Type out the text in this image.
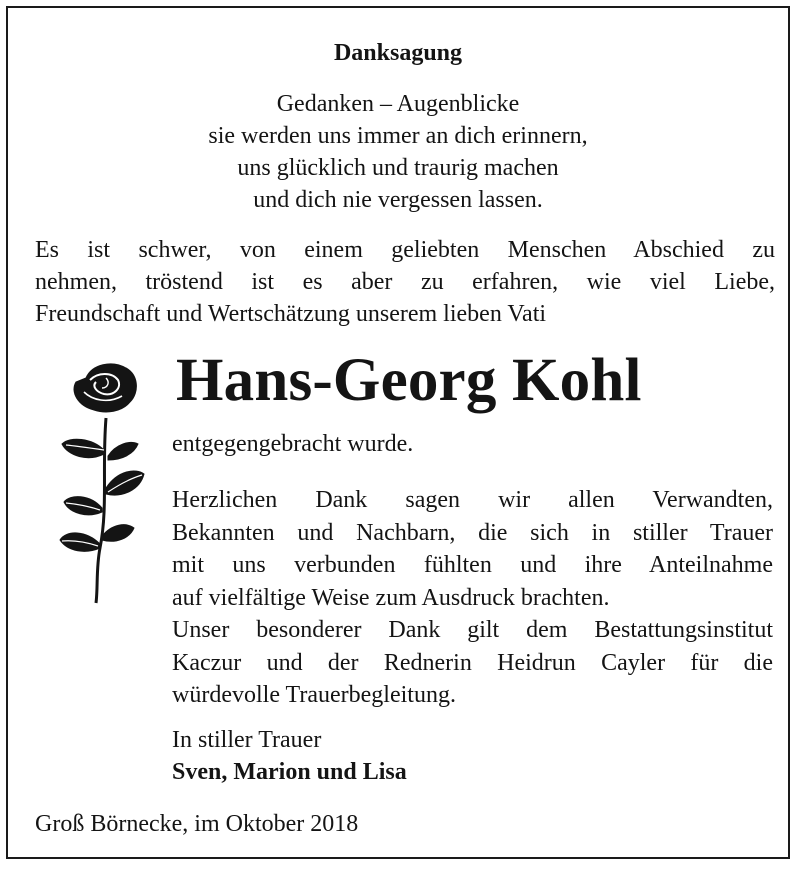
Danksagung
Gedanken – Augenblicke
sie werden uns immer an dich erinnern,
uns glücklich und traurig machen
und dich nie vergessen lassen.
Es ist schwer, von einem geliebten Menschen Abschied zu
nehmen, tröstend ist es aber zu erfahren, wie viel Liebe,
Freundschaft und Wertschätzung unserem lieben Vati
Hans-Georg Kohl
entgegengebracht wurde.
Herzlichen Dank sagen wir allen Verwandten,
Bekannten und Nachbarn, die sich in stiller Trauer
mit uns verbunden fühlten und ihre Anteilnahme
auf vielfältige Weise zum Ausdruck brachten.
Unser besonderer Dank gilt dem Bestattungsinstitut
Kaczur und der Rednerin Heidrun Cayler für die
würdevolle Trauerbegleitung.
In stiller Trauer
Sven, Marion und Lisa
Groß Börnecke, im Oktober 2018
